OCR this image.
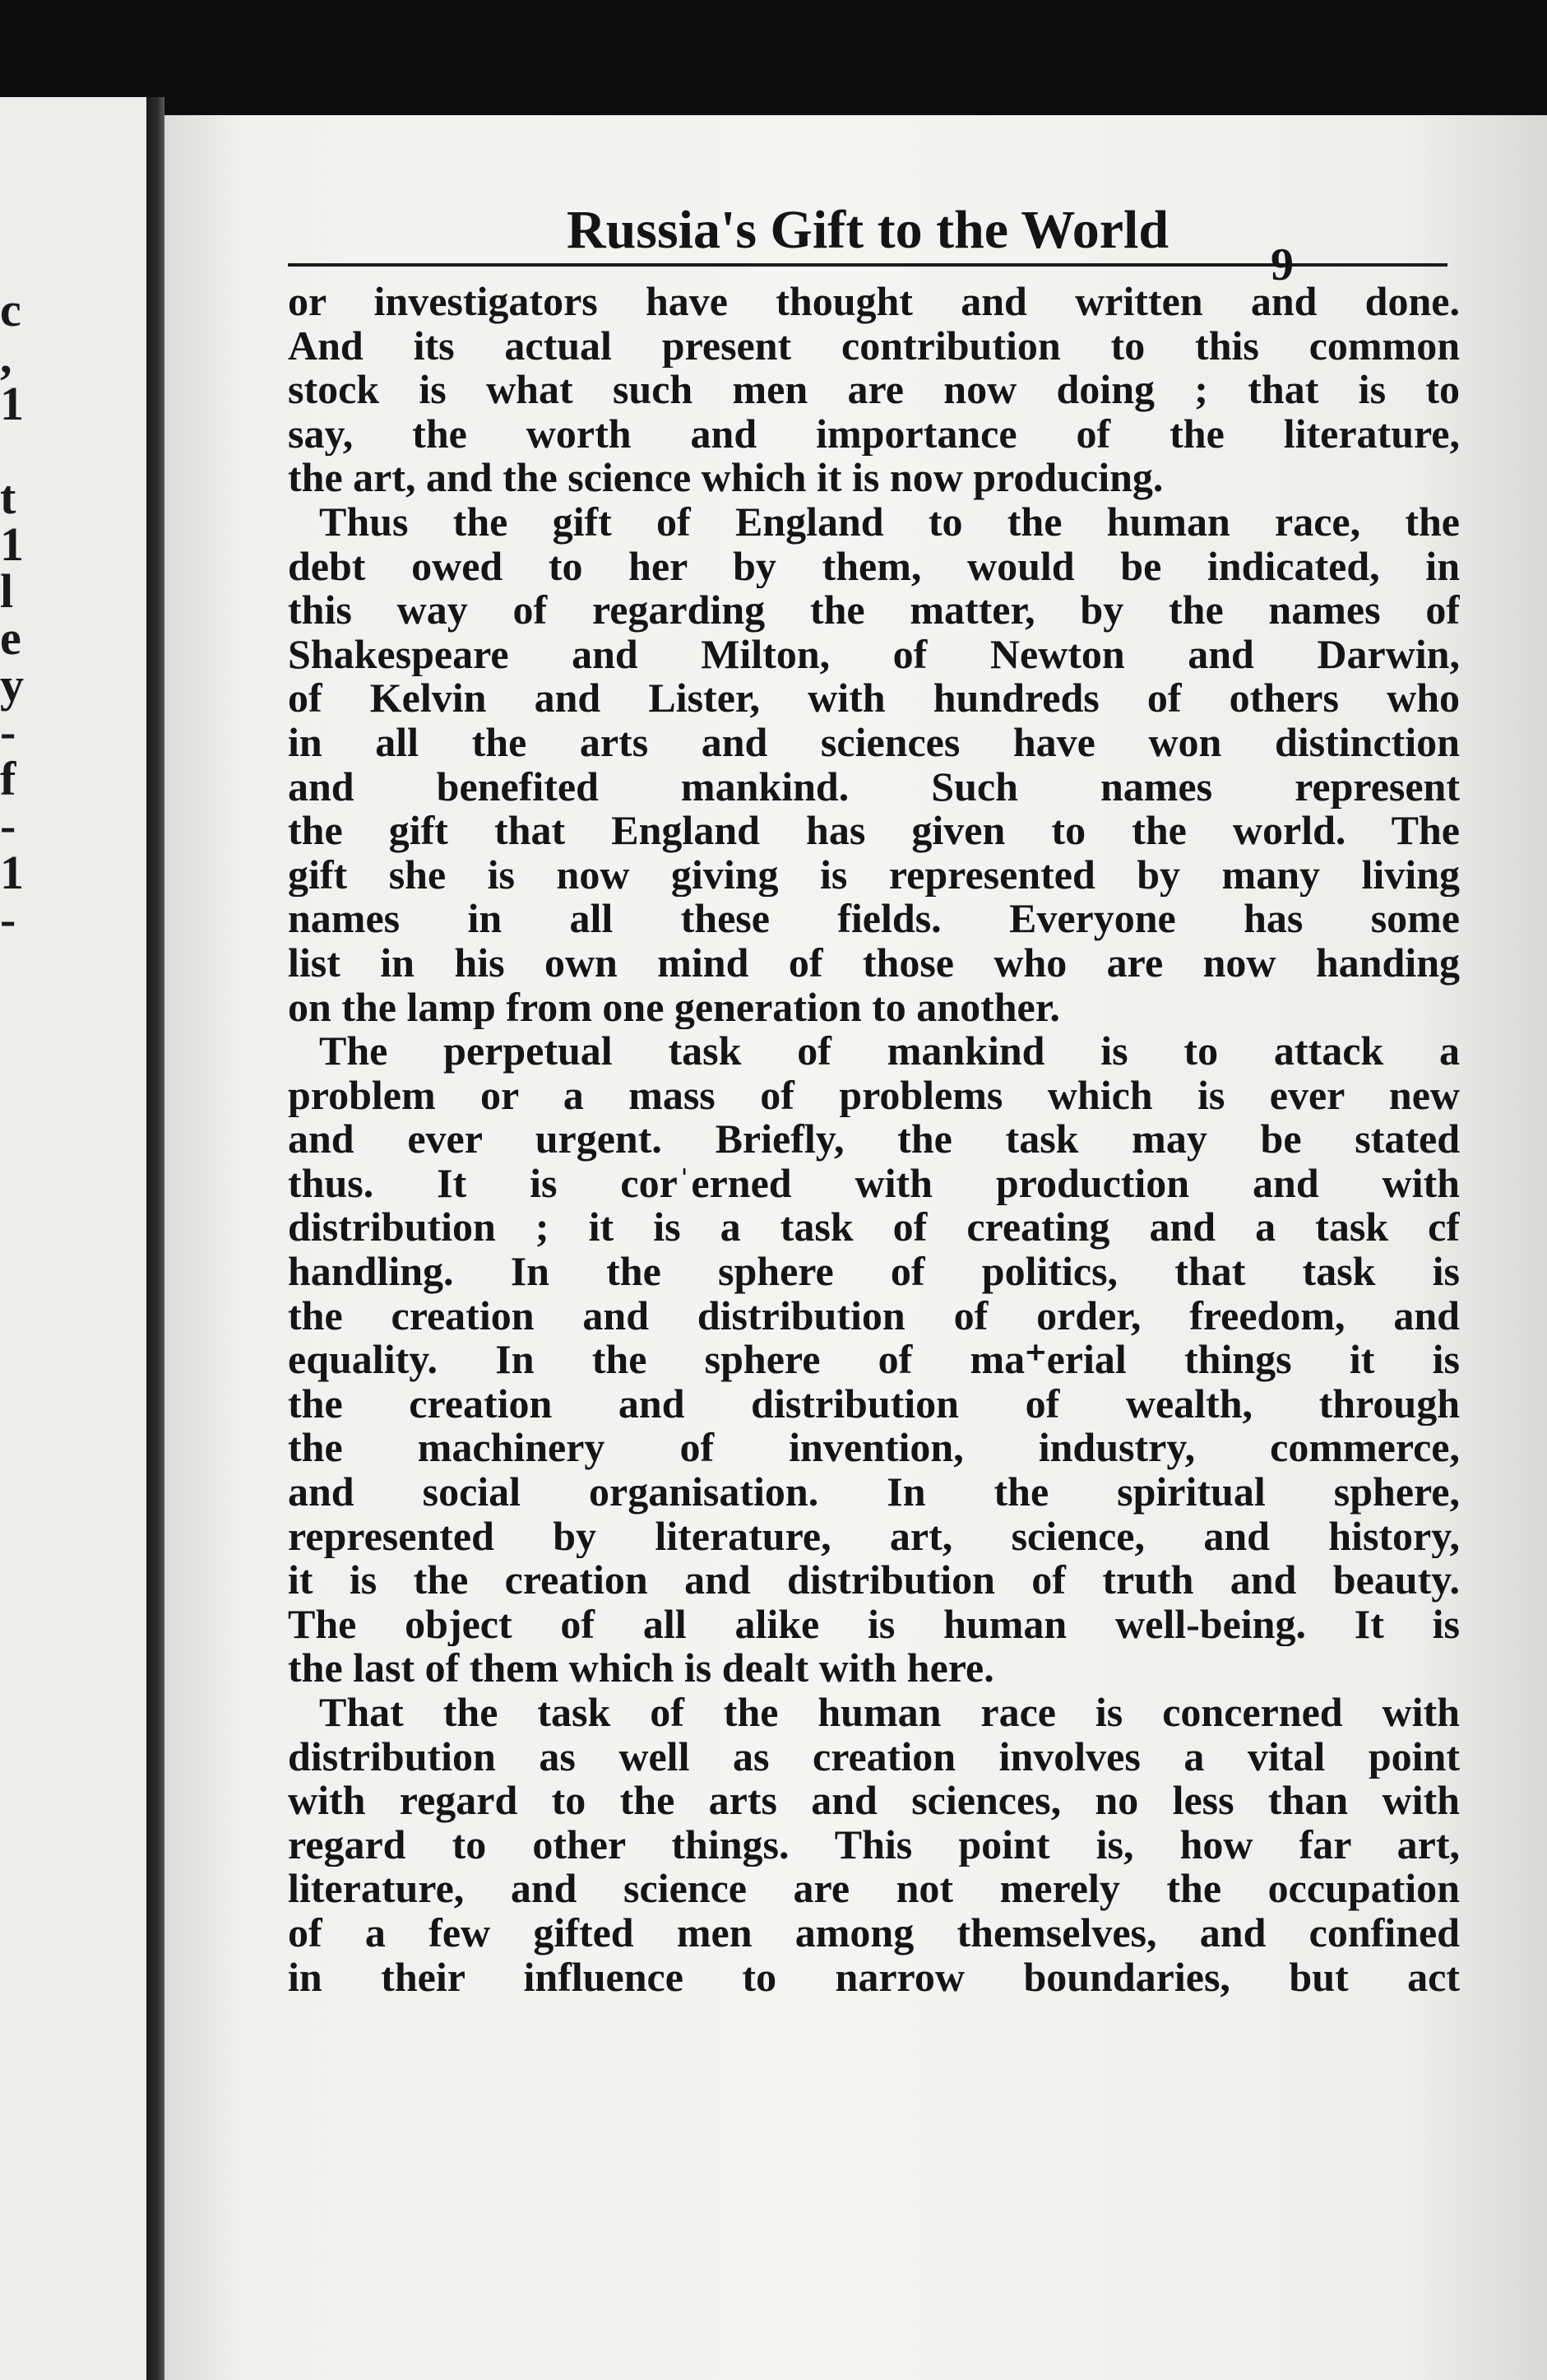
c
,
1
t
1
l
e
y
-
f
-
1
-
Russia's Gift to the World
9
or investigators have thought and written and done.
And its actual present contribution to this common
stock is what such men are now doing ; that is to
say, the worth and importance of the literature,
the art, and the science which it is now producing.
Thus the gift of England to the human race, the
debt owed to her by them, would be indicated, in
this way of regarding the matter, by the names of
Shakespeare and Milton, of Newton and Darwin,
of Kelvin and Lister, with hundreds of others who
in all the arts and sciences have won distinction
and benefited mankind. Such names represent
the gift that England has given to the world. The
gift she is now giving is represented by many living
names in all these fields. Everyone has some
list in his own mind of those who are now handing
on the lamp from one generation to another.
The perpetual task of mankind is to attack a
problem or a mass of problems which is ever new
and ever urgent. Briefly, the task may be stated
thus. It is corˈerned with production and with
distribution ; it is a task of creating and a task cf
handling. In the sphere of politics, that task is
the creation and distribution of order, freedom, and
equality. In the sphere of ma⁺erial things it is
the creation and distribution of wealth, through
the machinery of invention, industry, commerce,
and social organisation. In the spiritual sphere,
represented by literature, art, science, and history,
it is the creation and distribution of truth and beauty.
The object of all alike is human well-being. It is
the last of them which is dealt with here.
That the task of the human race is concerned with
distribution as well as creation involves a vital point
with regard to the arts and sciences, no less than with
regard to other things. This point is, how far art,
literature, and science are not merely the occupation
of a few gifted men among themselves, and confined
in their influence to narrow boundaries, but act
